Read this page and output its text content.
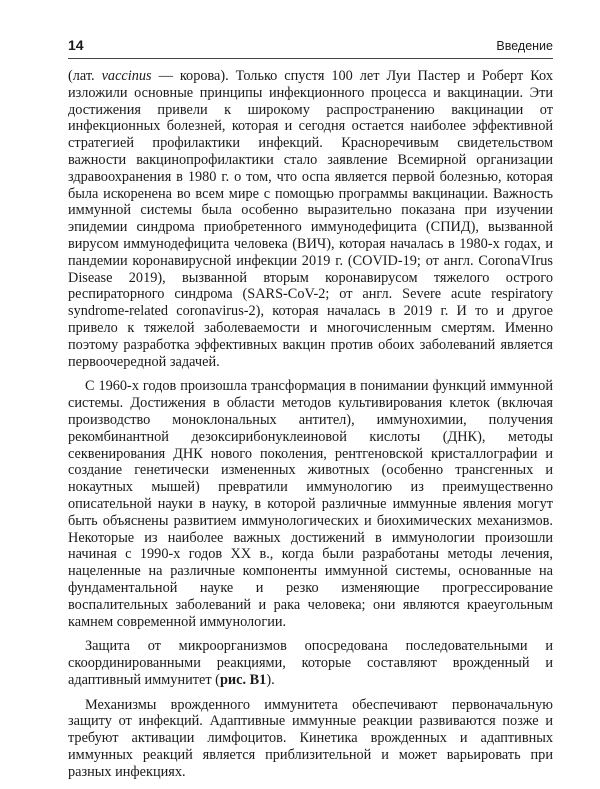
14	Введение

(лат. vaccinus — корова). Только спустя 100 лет Луи Пастер и Роберт Кох изложили основные принципы инфекционного процесса и вакцинации. Эти достижения привели к широкому распространению вакцинации от инфекционных болезней, которая и сегодня остается наиболее эффективной стратегией профилактики инфекций. Красноречивым свидетельством важности вакцинопрофилактики стало заявление Всемирной организации здравоохранения в 1980 г. о том, что оспа является первой болезнью, которая была искоренена во всем мире с помощью программы вакцинации. Важность иммунной системы была особенно выразительно показана при изучении эпидемии синдрома приобретенного иммунодефицита (СПИД), вызванной вирусом иммунодефицита человека (ВИЧ), которая началась в 1980-х годах, и пандемии коронавирусной инфекции 2019 г. (COVID-19; от англ. CoronaVIrus Disease 2019), вызванной вторым коронавирусом тяжелого острого респираторного синдрома (SARS-CoV-2; от англ. Severe acute respiratory syndrome-related coronavirus-2), которая началась в 2019 г. И то и другое привело к тяжелой заболеваемости и многочисленным смертям. Именно поэтому разработка эффективных вакцин против обоих заболеваний является первоочередной задачей.

С 1960-х годов произошла трансформация в понимании функций иммунной системы. Достижения в области методов культивирования клеток (включая производство моноклональных антител), иммунохимии, получения рекомбинантной дезоксирибонуклеиновой кислоты (ДНК), методы секвенирования ДНК нового поколения, рентгеновской кристаллографии и создание генетически измененных животных (особенно трансгенных и нокаутных мышей) превратили иммунологию из преимущественно описательной науки в науку, в которой различные иммунные явления могут быть объяснены развитием иммунологических и биохимических механизмов. Некоторые из наиболее важных достижений в иммунологии произошли начиная с 1990-х годов XX в., когда были разработаны методы лечения, нацеленные на различные компоненты иммунной системы, основанные на фундаментальной науке и резко изменяющие прогрессирование воспалительных заболеваний и рака человека; они являются краеугольным камнем современной иммунологии.

Защита от микроорганизмов опосредована последовательными и скоординированными реакциями, которые составляют врожденный и адаптивный иммунитет (рис. В1).

Механизмы врожденного иммунитета обеспечивают первоначальную защиту от инфекций. Адаптивные иммунные реакции развиваются позже и требуют активации лимфоцитов. Кинетика врожденных и адаптивных иммунных реакций является приблизительной и может варьировать при разных инфекциях.
